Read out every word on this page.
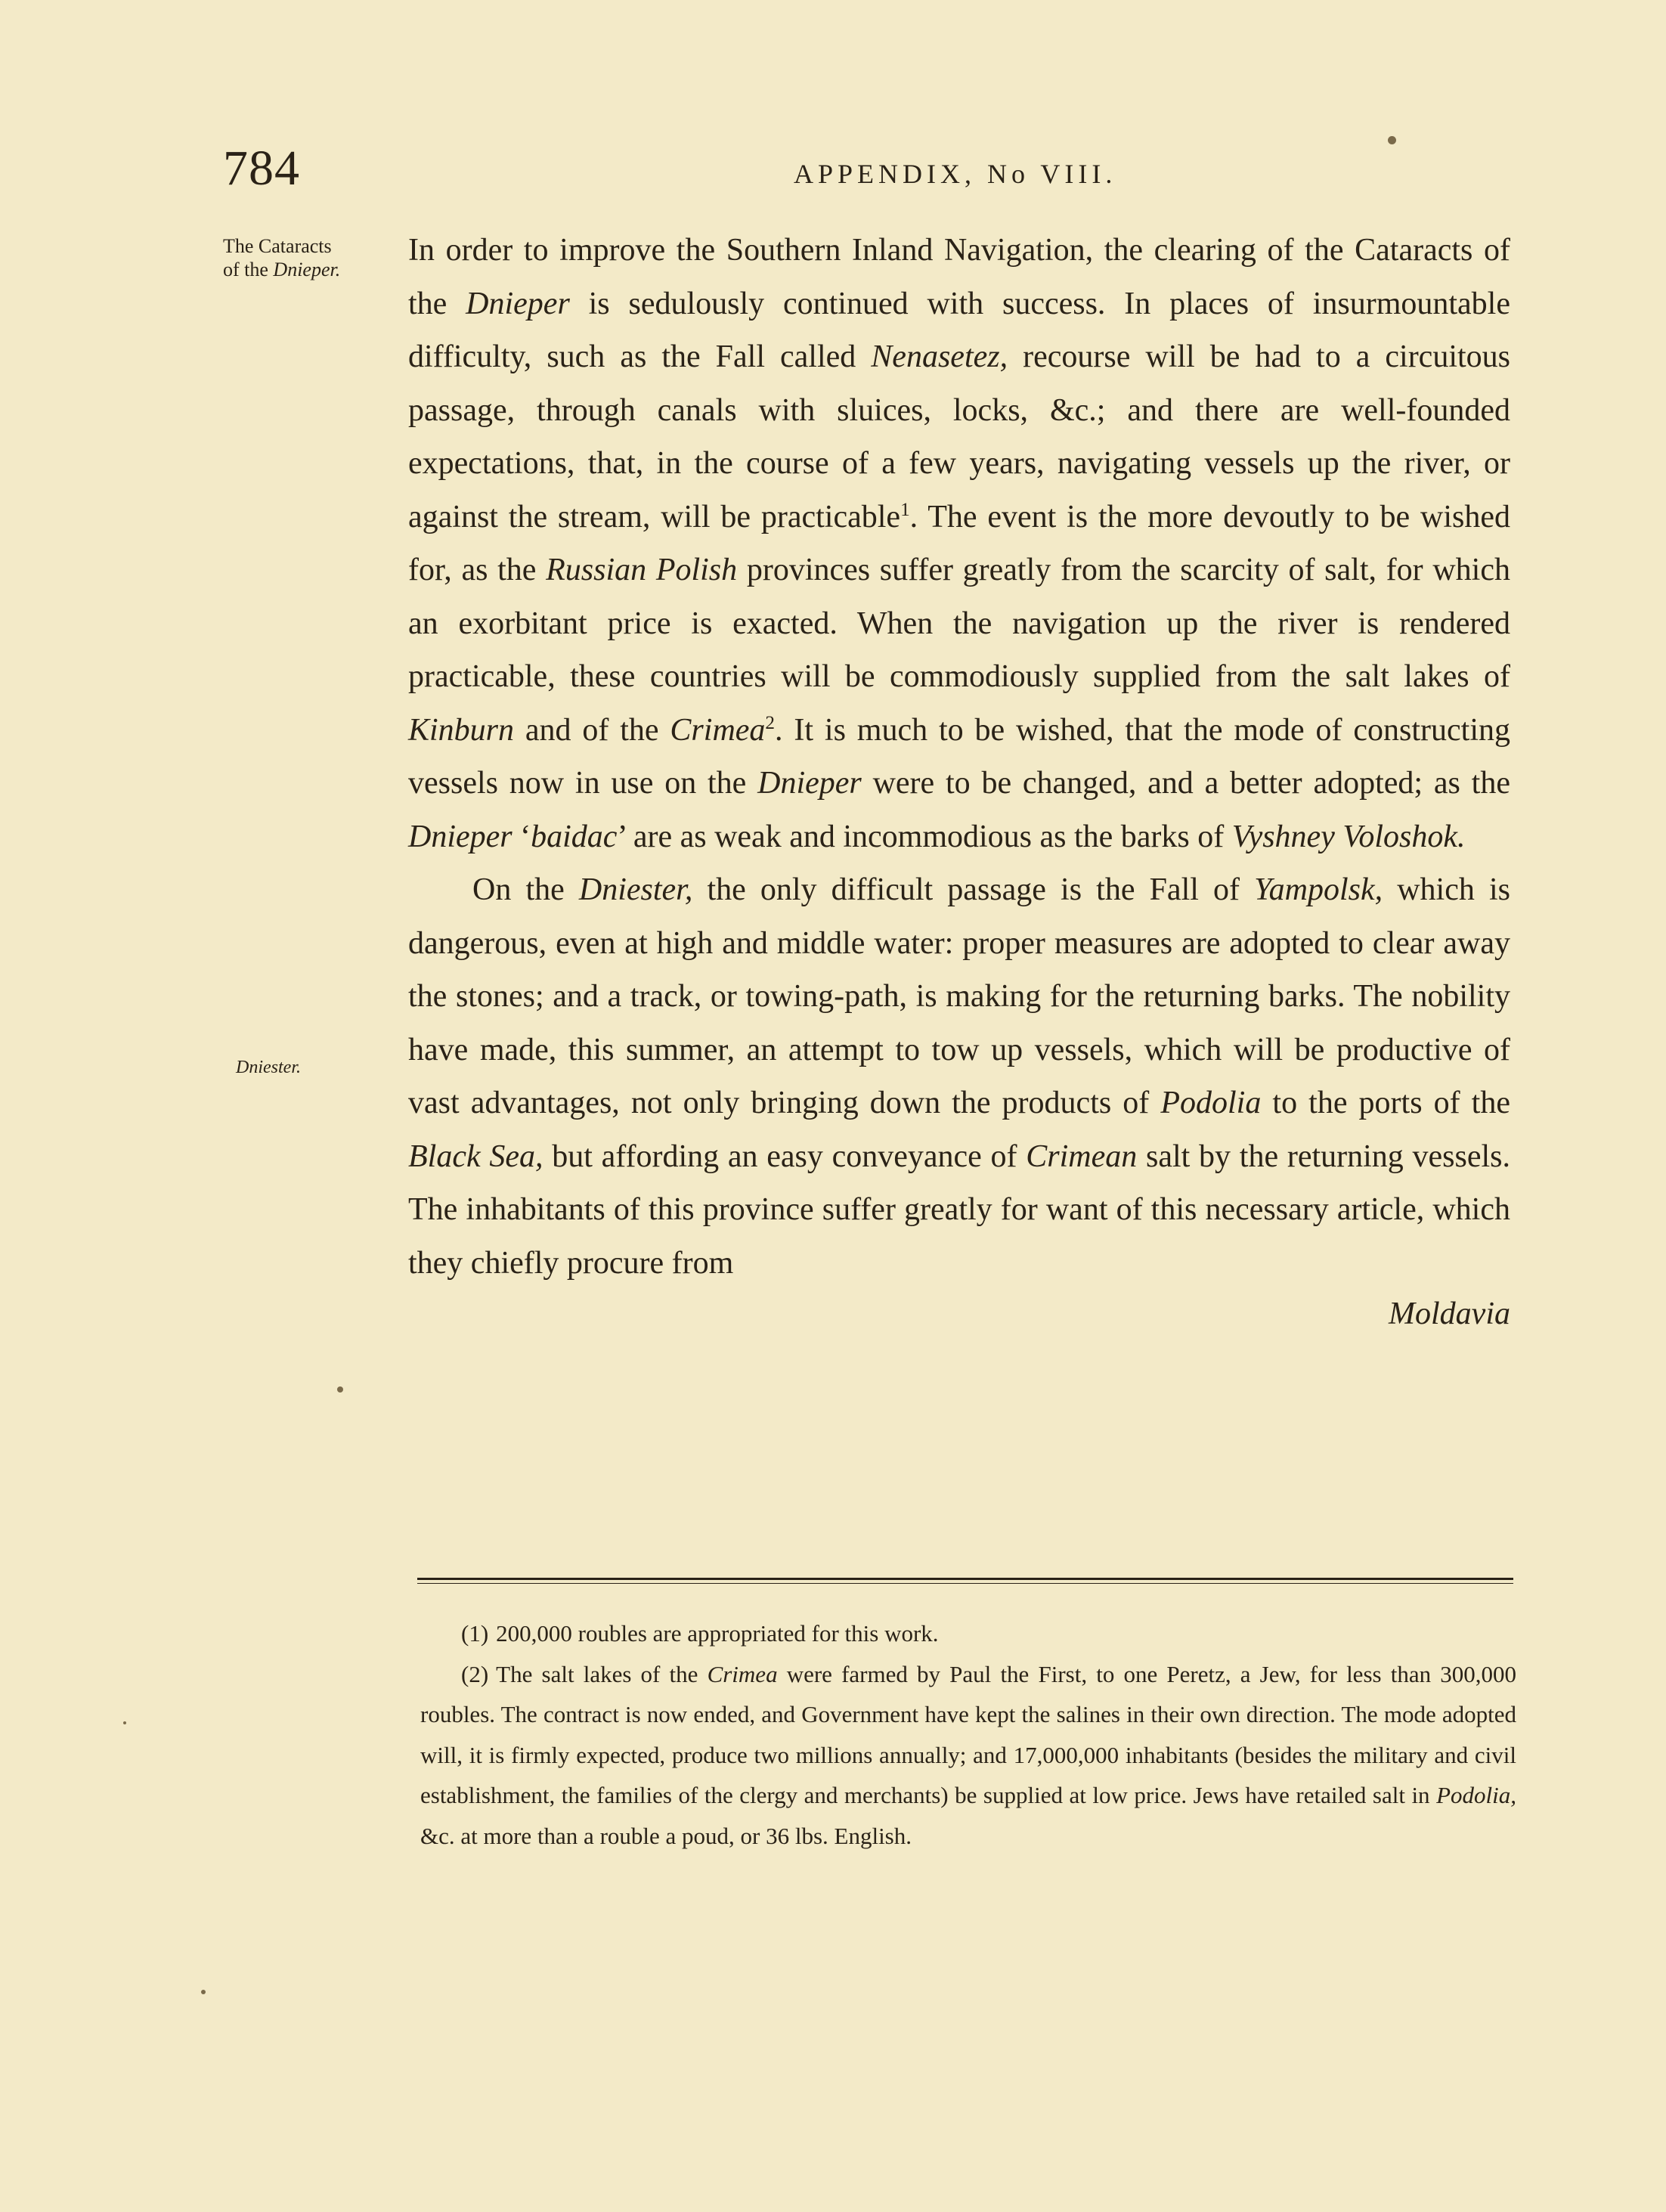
784	APPENDIX, No VIII.
The Cataracts
of the Dnieper.
Dniester.

In order to improve the Southern Inland Navigation, the clearing of the Cataracts of the Dnieper is sedulously continued with success. In places of insurmountable difficulty, such as the Fall called Nenasetez, recourse will be had to a circuitous passage, through canals with sluices, locks, &c.; and there are well-founded expectations, that, in the course of a few years, navigating vessels up the river, or against the stream, will be practicable$^1$. The event is the more devoutly to be wished for, as the Russian Polish provinces suffer greatly from the scarcity of salt, for which an exorbitant price is exacted. When the navigation up the river is rendered practicable, these countries will be commodiously supplied from the salt lakes of Kinburn and of the Crimea$^2$. It is much to be wished, that the mode of constructing vessels now in use on the Dnieper were to be changed, and a better adopted; as the Dnieper ‘baidac’ are as weak and incommodious as the barks of Vyshney Voloshok.

On the Dniester, the only difficult passage is the Fall of Yampolsk, which is dangerous, even at high and middle water: proper measures are adopted to clear away the stones; and a track, or towing-path, is making for the returning barks. The nobility have made, this summer, an attempt to tow up vessels, which will be productive of vast advantages, not only bringing down the products of Podolia to the ports of the Black Sea, but affording an easy conveyance of Crimean salt by the returning vessels. The inhabitants of this province suffer greatly for want of this necessary article, which they chiefly procure from
Moldavia

(1) 200,000 roubles are appropriated for this work.

(2) The salt lakes of the Crimea were farmed by Paul the First, to one Peretz, a Jew, for less than 300,000 roubles. The contract is now ended, and Government have kept the salines in their own direction. The mode adopted will, it is firmly expected, produce two millions annually; and 17,000,000 inhabitants (besides the military and civil establishment, the families of the clergy and merchants) be supplied at low price. Jews have retailed salt in Podolia, &c. at more than a rouble a poud, or 36 lbs. English.
